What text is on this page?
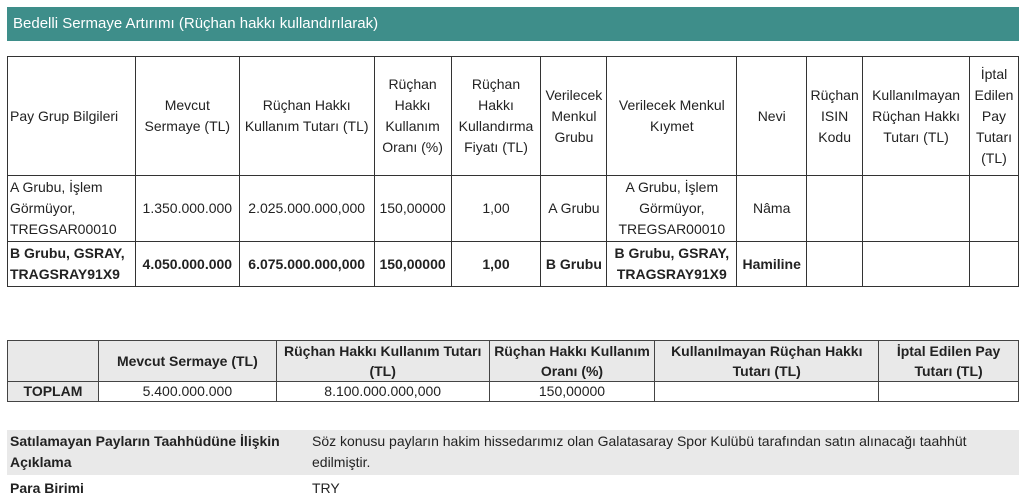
Bedelli Sermaye Artırımı (Rüçhan hakkı kullandırılarak)
Pay Grup Bilgileri	Mevcut Sermaye (TL)	Rüçhan Hakkı Kullanım Tutarı (TL)	Rüçhan Hakkı Kullanım Oranı (%)	Rüçhan Hakkı Kullandırma Fiyatı (TL)	Verilecek Menkul Grubu	Verilecek Menkul Kıymet	Nevi	Rüçhan ISIN Kodu	Kullanılmayan Rüçhan Hakkı Tutarı (TL)	İptal Edilen Pay Tutarı (TL)
A Grubu, İşlem Görmüyor, TREGSAR00010	1.350.000.000	2.025.000.000,000	150,00000	1,00	A Grubu	A Grubu, İşlem Görmüyor, TREGSAR00010	Nâma			
B Grubu, GSRAY, TRAGSRAY91X9	4.050.000.000	6.075.000.000,000	150,00000	1,00	B Grubu	B Grubu, GSRAY, TRAGSRAY91X9	Hamiline			
	Mevcut Sermaye (TL)	Rüçhan Hakkı Kullanım Tutarı (TL)	Rüçhan Hakkı Kullanım Oranı (%)	Kullanılmayan Rüçhan Hakkı Tutarı (TL)	İptal Edilen Pay Tutarı (TL)
TOPLAM	5.400.000.000	8.100.000.000,000	150,00000		
Satılamayan Payların Taahhüdüne İlişkin Açıklama
Söz konusu payların hakim hissedarımız olan Galatasaray Spor Kulübü tarafından satın alınacağı taahhüt edilmiştir.
Para Birimi	TRY
